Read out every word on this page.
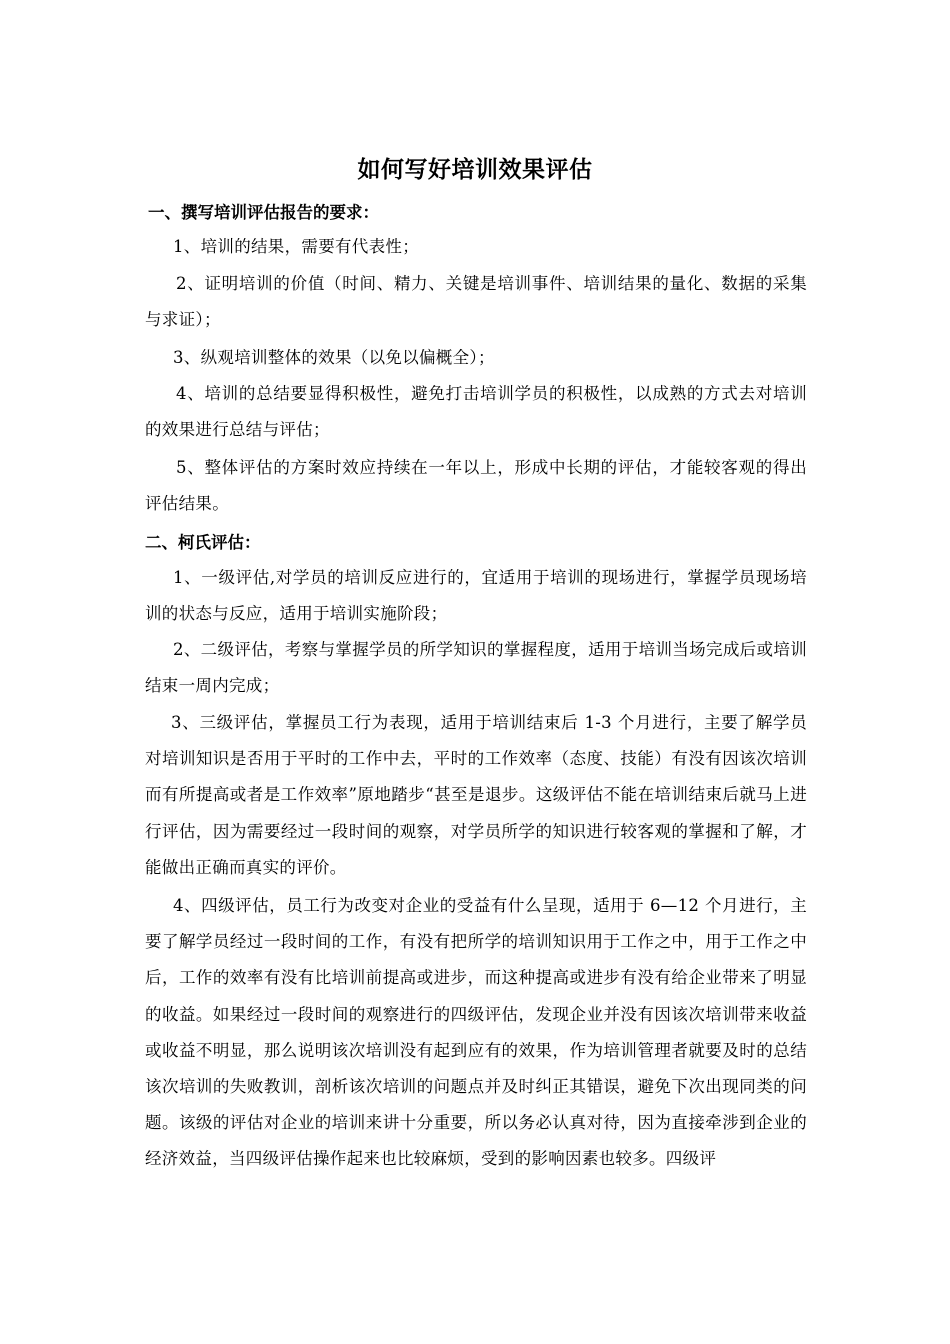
如何写好培训效果评估
一、撰写培训评估报告的要求：
1、培训的结果，需要有代表性；
2、证明培训的价值（时间、精力、关键是培训事件、培训结果的量化、数据的采集与求证）；
3、纵观培训整体的效果（以免以偏概全）；
4、培训的总结要显得积极性，避免打击培训学员的积极性，以成熟的方式去对培训的效果进行总结与评估；
5、整体评估的方案时效应持续在一年以上，形成中长期的评估，才能较客观的得出评估结果。
二、柯氏评估：
1、一级评估,对学员的培训反应进行的，宜适用于培训的现场进行，掌握学员现场培训的状态与反应，适用于培训实施阶段；
2、二级评估，考察与掌握学员的所学知识的掌握程度，适用于培训当场完成后或培训结束一周内完成；
3、三级评估，掌握员工行为表现，适用于培训结束后 1-3 个月进行，主要了解学员对培训知识是否用于平时的工作中去，平时的工作效率（态度、技能）有没有因该次培训而有所提高或者是工作效率”原地踏步“甚至是退步。这级评估不能在培训结束后就马上进行评估，因为需要经过一段时间的观察，对学员所学的知识进行较客观的掌握和了解，才能做出正确而真实的评价。
4、四级评估，员工行为改变对企业的受益有什么呈现，适用于 6—12 个月进行，主要了解学员经过一段时间的工作，有没有把所学的培训知识用于工作之中，用于工作之中后，工作的效率有没有比培训前提高或进步，而这种提高或进步有没有给企业带来了明显的收益。如果经过一段时间的观察进行的四级评估，发现企业并没有因该次培训带来收益或收益不明显，那么说明该次培训没有起到应有的效果，作为培训管理者就要及时的总结该次培训的失败教训，剖析该次培训的问题点并及时纠正其错误，避免下次出现同类的问题。该级的评估对企业的培训来讲十分重要，所以务必认真对待，因为直接牵涉到企业的经济效益，当四级评估操作起来也比较麻烦，受到的影响因素也较多。四级评
